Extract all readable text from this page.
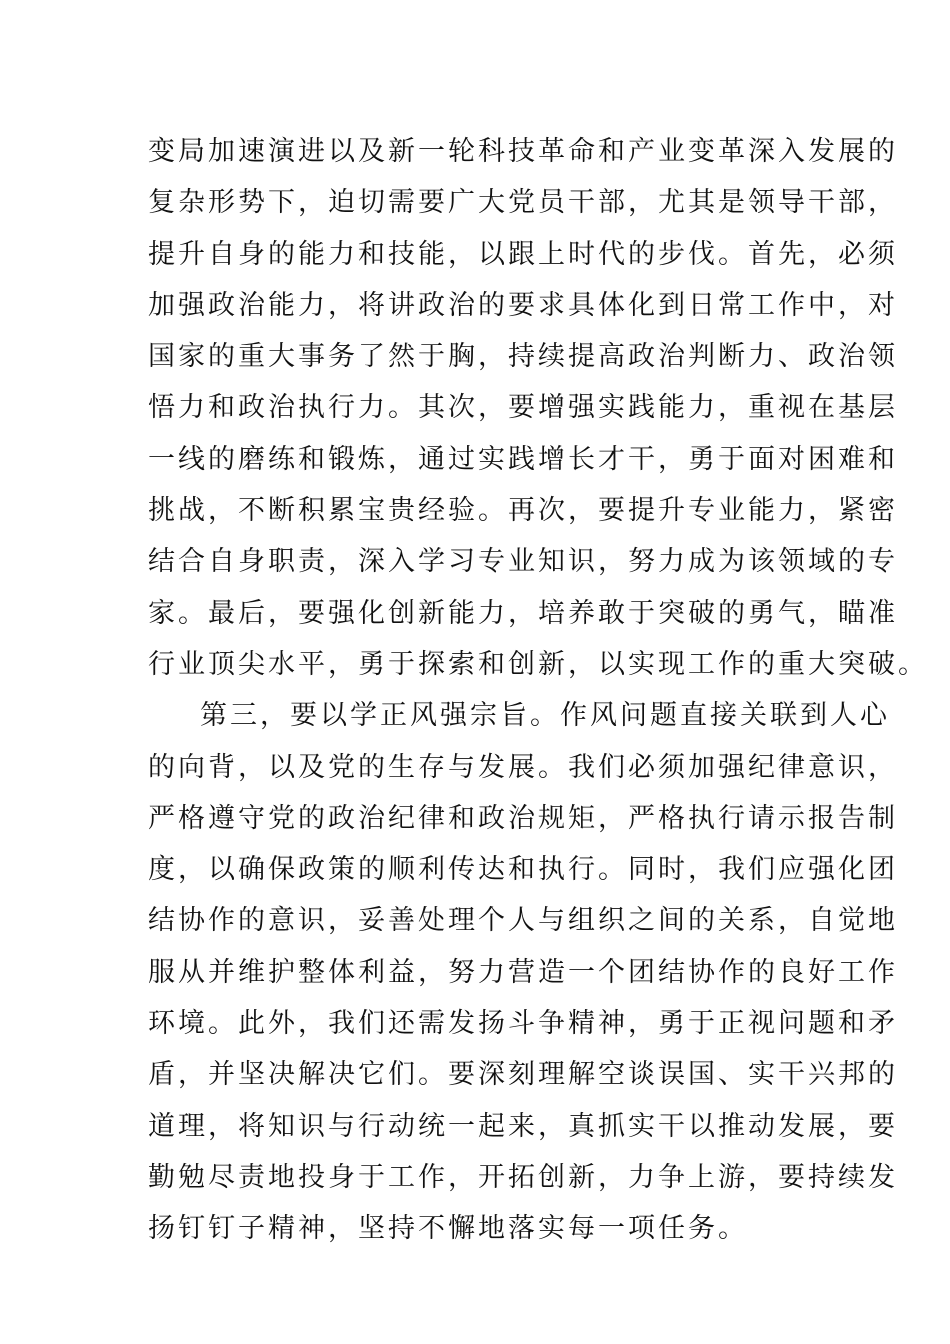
变局加速演进以及新一轮科技革命和产业变革深入发展的
复杂形势下，迫切需要广大党员干部，尤其是领导干部，
提升自身的能力和技能，以跟上时代的步伐。首先，必须
加强政治能力，将讲政治的要求具体化到日常工作中，对
国家的重大事务了然于胸，持续提高政治判断力、政治领
悟力和政治执行力。其次，要增强实践能力，重视在基层
一线的磨练和锻炼，通过实践增长才干，勇于面对困难和
挑战，不断积累宝贵经验。再次，要提升专业能力，紧密
结合自身职责，深入学习专业知识，努力成为该领域的专
家。最后，要强化创新能力，培养敢于突破的勇气，瞄准
行业顶尖水平，勇于探索和创新，以实现工作的重大突破。
第三，要以学正风强宗旨。作风问题直接关联到人心
的向背，以及党的生存与发展。我们必须加强纪律意识，
严格遵守党的政治纪律和政治规矩，严格执行请示报告制
度，以确保政策的顺利传达和执行。同时，我们应强化团
结协作的意识，妥善处理个人与组织之间的关系，自觉地
服从并维护整体利益，努力营造一个团结协作的良好工作
环境。此外，我们还需发扬斗争精神，勇于正视问题和矛
盾，并坚决解决它们。要深刻理解空谈误国、实干兴邦的
道理，将知识与行动统一起来，真抓实干以推动发展，要
勤勉尽责地投身于工作，开拓创新，力争上游，要持续发
扬钉钉子精神，坚持不懈地落实每一项任务。
